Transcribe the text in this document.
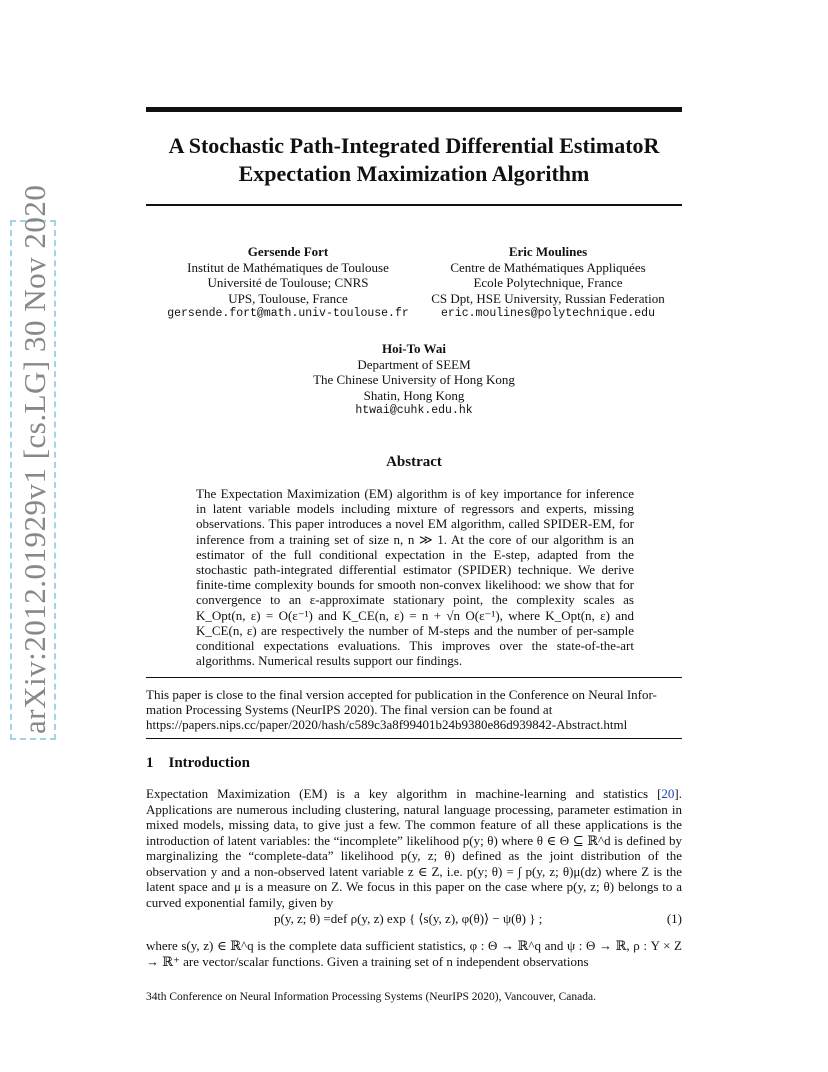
arXiv:2012.01929v1 [cs.LG] 30 Nov 2020
A Stochastic Path-Integrated Differential EstimatoR
Expectation Maximization Algorithm
Gersende Fort
Institut de Mathématiques de Toulouse
Université de Toulouse; CNRS
UPS, Toulouse, France
gersende.fort@math.univ-toulouse.fr
Eric Moulines
Centre de Mathématiques Appliquées
Ecole Polytechnique, France
CS Dpt, HSE University, Russian Federation
eric.moulines@polytechnique.edu
Hoi-To Wai
Department of SEEM
The Chinese University of Hong Kong
Shatin, Hong Kong
htwai@cuhk.edu.hk
Abstract

The Expectation Maximization (EM) algorithm is of key importance for inference in latent variable models including mixture of regressors and experts, missing observations. This paper introduces a novel EM algorithm, called SPIDER-EM, for inference from a training set of size n, n ≫ 1. At the core of our algorithm is an estimator of the full conditional expectation in the E-step, adapted from the stochastic path-integrated differential estimator (SPIDER) technique. We derive finite-time complexity bounds for smooth non-convex likelihood: we show that for convergence to an ε-approximate stationary point, the complexity scales as K_Opt(n, ε) = O(ε⁻¹) and K_CE(n, ε) = n + √n O(ε⁻¹), where K_Opt(n, ε) and K_CE(n, ε) are respectively the number of M-steps and the number of per-sample conditional expectations evaluations. This improves over the state-of-the-art algorithms. Numerical results support our findings.

This paper is close to the final version accepted for publication in the Conference on Neural Infor-
mation Processing Systems (NeurIPS 2020). The final version can be found at
https://papers.nips.cc/paper/2020/hash/c589c3a8f99401b24b9380e86d939842-Abstract.html
1 Introduction

Expectation Maximization (EM) is a key algorithm in machine-learning and statistics [20]. Applications are numerous including clustering, natural language processing, parameter estimation in mixed models, missing data, to give just a few. The common feature of all these applications is the introduction of latent variables: the “incomplete” likelihood p(y; θ) where θ ∈ Θ ⊆ ℝ^d is defined by marginalizing the “complete-data” likelihood p(y, z; θ) defined as the joint distribution of the observation y and a non-observed latent variable z ∈ Z, i.e. p(y; θ) = ∫ p(y, z; θ)μ(dz) where Z is the latent space and μ is a measure on Z. We focus in this paper on the case where p(y, z; θ) belongs to a curved exponential family, given by

p(y, z; θ) =def ρ(y, z) exp { ⟨s(y, z), φ(θ)⟩ − ψ(θ) } ;	(1)

where s(y, z) ∈ ℝ^q is the complete data sufficient statistics, φ : Θ → ℝ^q and ψ : Θ → ℝ, ρ : Y × Z → ℝ⁺ are vector/scalar functions. Given a training set of n independent observations

34th Conference on Neural Information Processing Systems (NeurIPS 2020), Vancouver, Canada.
